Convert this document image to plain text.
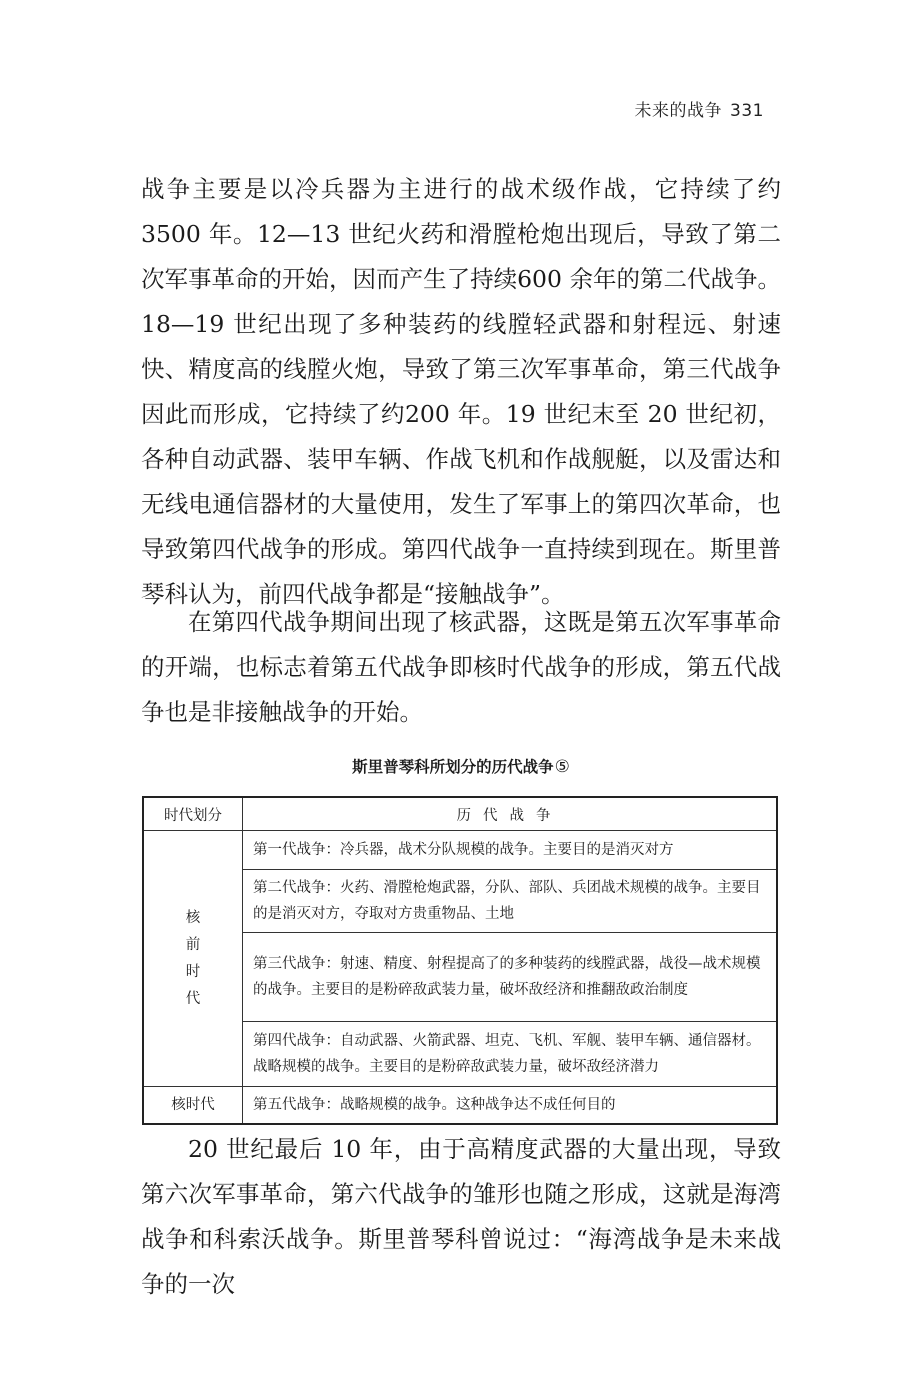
未来的战争 331

战争主要是以冷兵器为主进行的战术级作战，它持续了约 3500 年。12—13 世纪火药和滑膛枪炮出现后，导致了第二次军事革命的开始，因而产生了持续600 余年的第二代战争。18—19 世纪出现了多种装药的线膛轻武器和射程远、射速快、精度高的线膛火炮，导致了第三次军事革命，第三代战争因此而形成，它持续了约200 年。19 世纪末至 20 世纪初，各种自动武器、装甲车辆、作战飞机和作战舰艇，以及雷达和无线电通信器材的大量使用，发生了军事上的第四次革命，也导致第四代战争的形成。第四代战争一直持续到现在。斯里普琴科认为，前四代战争都是“接触战争”。

在第四代战争期间出现了核武器，这既是第五次军事革命的开端，也标志着第五代战争即核时代战争的形成，第五代战争也是非接触战争的开始。

斯里普琴科所划分的历代战争⑤
时代划分	历代战争

核前时代	第一代战争：冷兵器，战术分队规模的战争。主要目的是消灭对方
	第二代战争：火药、滑膛枪炮武器，分队、部队、兵团战术规模的战争。主要目的是消灭对方，夺取对方贵重物品、土地
	第三代战争：射速、精度、射程提高了的多种装药的线膛武器，战役—战术规模的战争。主要目的是粉碎敌武装力量，破坏敌经济和推翻敌政治制度
	第四代战争：自动武器、火箭武器、坦克、飞机、军舰、装甲车辆、通信器材。战略规模的战争。主要目的是粉碎敌武装力量，破坏敌经济潜力
核时代	第五代战争：战略规模的战争。这种战争达不成任何目的

20 世纪最后 10 年，由于高精度武器的大量出现，导致第六次军事革命，第六代战争的雏形也随之形成，这就是海湾战争和科索沃战争。斯里普琴科曾说过：“海湾战争是未来战争的一次
